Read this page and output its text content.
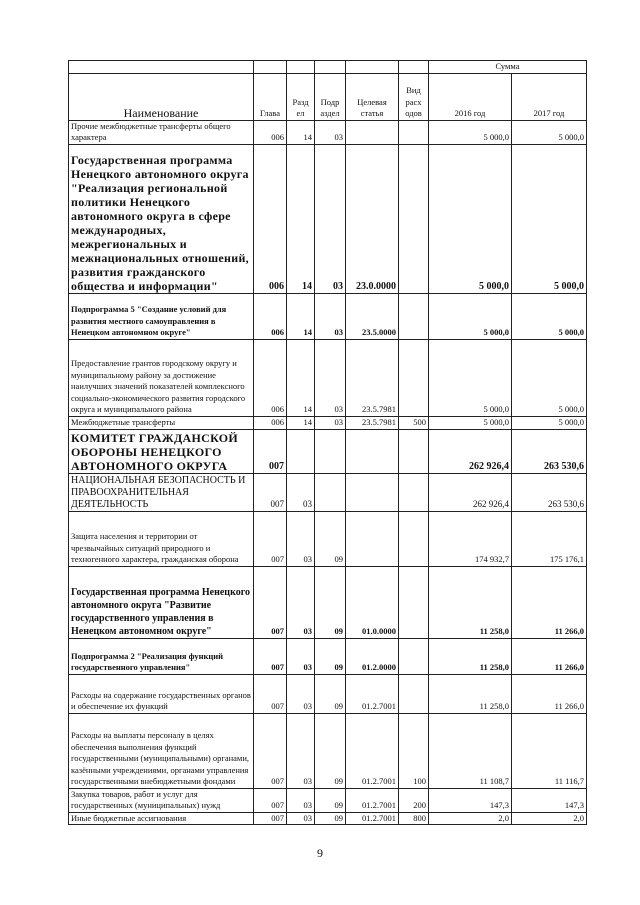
						Сумма	
Наименование	Глава	Разд ел	Подр аздел	Целевая статья	Вид расх одов	2016 год	2017 год
Прочие межбюджетные трансферты общего характера	006	14	03			5 000,0	5 000,0
Государственная программа Ненецкого автономного округа "Реализация региональной политики Ненецкого автономного округа в сфере международных, межрегиональных и межнациональных отношений, развития гражданского общества и информации"	006	14	03	23.0.0000		5 000,0	5 000,0
Подпрограмма 5 "Создание условий для развития местного самоуправления в Ненецком автономном округе"	006	14	03	23.5.0000		5 000,0	5 000,0
Предоставление грантов городскому округу и муниципальному району за достижение наилучших значений показателей комплексного социально-экономического развития городского округа и муниципального района	006	14	03	23.5.7981		5 000,0	5 000,0
Межбюджетные трансферты	006	14	03	23.5.7981	500	5 000,0	5 000,0
КОМИТЕТ ГРАЖДАНСКОЙ ОБОРОНЫ НЕНЕЦКОГО АВТОНОМНОГО ОКРУГА	007					262 926,4	263 530,6
НАЦИОНАЛЬНАЯ БЕЗОПАСНОСТЬ И ПРАВООХРАНИТЕЛЬНАЯ ДЕЯТЕЛЬНОСТЬ	007	03				262 926,4	263 530,6
Защита населения и территории от чрезвычайных ситуаций природного и техногенного характера, гражданская оборона	007	03	09			174 932,7	175 176,1
Государственная программа Ненецкого автономного округа "Развитие государственного управления в Ненецком автономном округе"	007	03	09	01.0.0000		11 258,0	11 266,0
Подпрограмма 2 "Реализация функций государственного управления"	007	03	09	01.2.0000		11 258,0	11 266,0
Расходы на содержание государственных органов и обеспечение их функций	007	03	09	01.2.7001		11 258,0	11 266,0
Расходы на выплаты персоналу в целях обеспечения выполнения функций государственными (муниципальными) органами, казёнными учреждениями, органами управления государственными внебюджетными фондами	007	03	09	01.2.7001	100	11 108,7	11 116,7
Закупка товаров, работ и услуг для государственных (муниципальных) нужд	007	03	09	01.2.7001	200	147,3	147,3
Иные бюджетные ассигнования	007	03	09	01.2.7001	800	2,0	2,0
9
